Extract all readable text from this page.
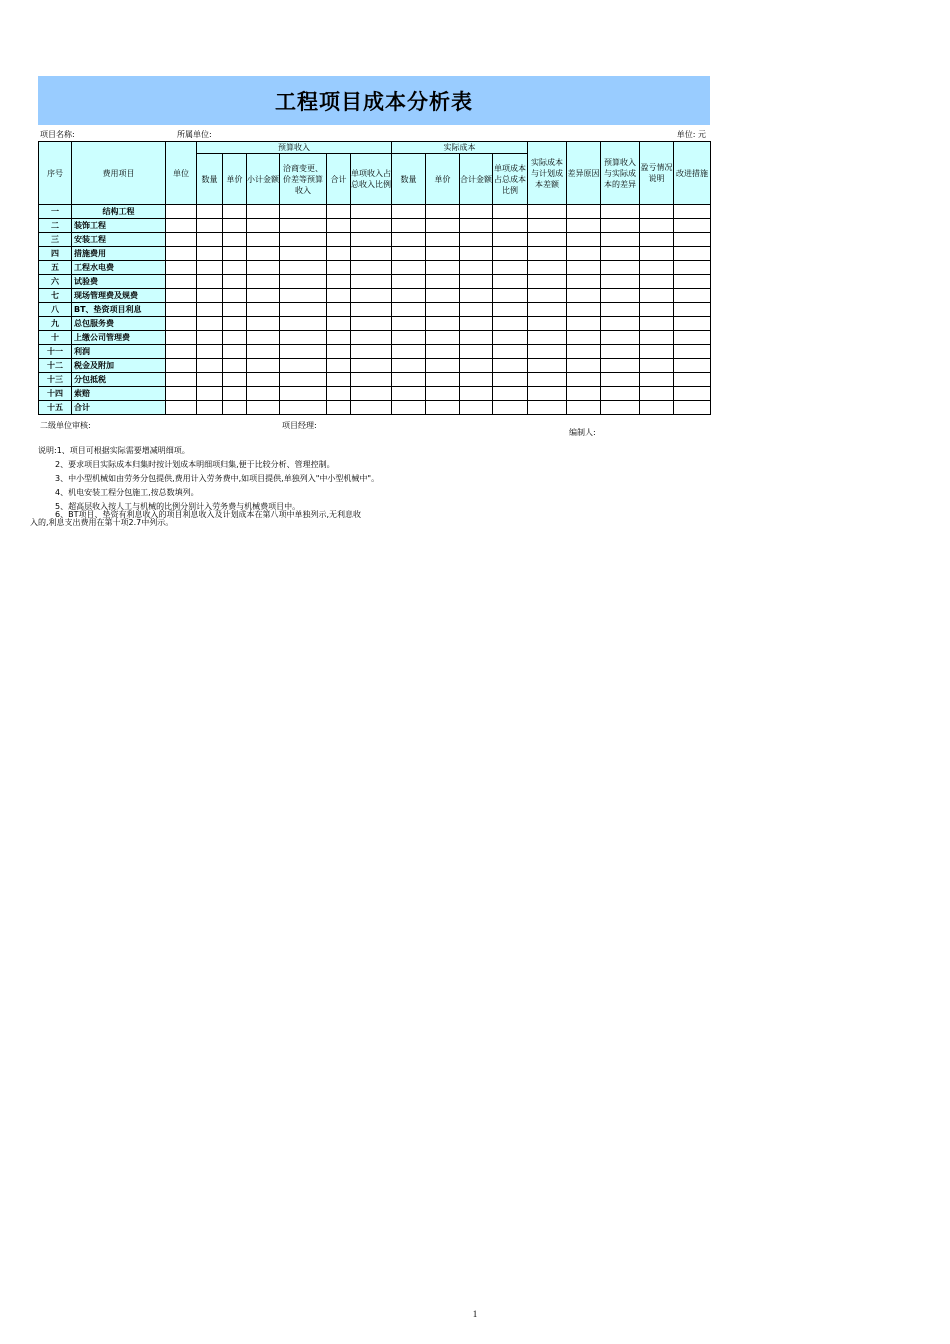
工程项目成本分析表
项目名称:	所属单位:	单位: 元
序号	费用项目	单位	预算收入						实际成本				实际成本与计划成本差额	差异原因	预算收入与实际成本的差异	盈亏情况说明	改进措施
			数量	单价	小计金额	洽商变更、价差等预算收入	合计	单项收入占总收入比例	数量	单价	合计金额	单项成本占总成本比例					
一	结构工程																
二	装饰工程																
三	安装工程																
四	措施费用																
五	工程水电费																
六	试验费																
七	现场管理费及规费																
八	BT、垫资项目利息																
九	总包服务费																
十	上缴公司管理费																
十一	利润																
十二	税金及附加																
十三	分包抵税																
十四	索赔																
十五	合计																
二级单位审核:	项目经理:
编制人:
说明:1、项目可根据实际需要增减明细项。
2、要求项目实际成本归集时按计划成本明细项归集,便于比较分析、管理控制。
3、中小型机械如由劳务分包提供,费用计入劳务费中,如项目提供,单独列入"中小型机械中"。
4、机电安装工程分包施工,按总数填列。
5、超高层收入按人工与机械的比例分别计入劳务费与机械费项目中。
6、BT项目、垫资有利息收入的项目利息收入及计划成本在第八项中单独列示,无利息收
入的,利息支出费用在第十项2.7中列示。
1
